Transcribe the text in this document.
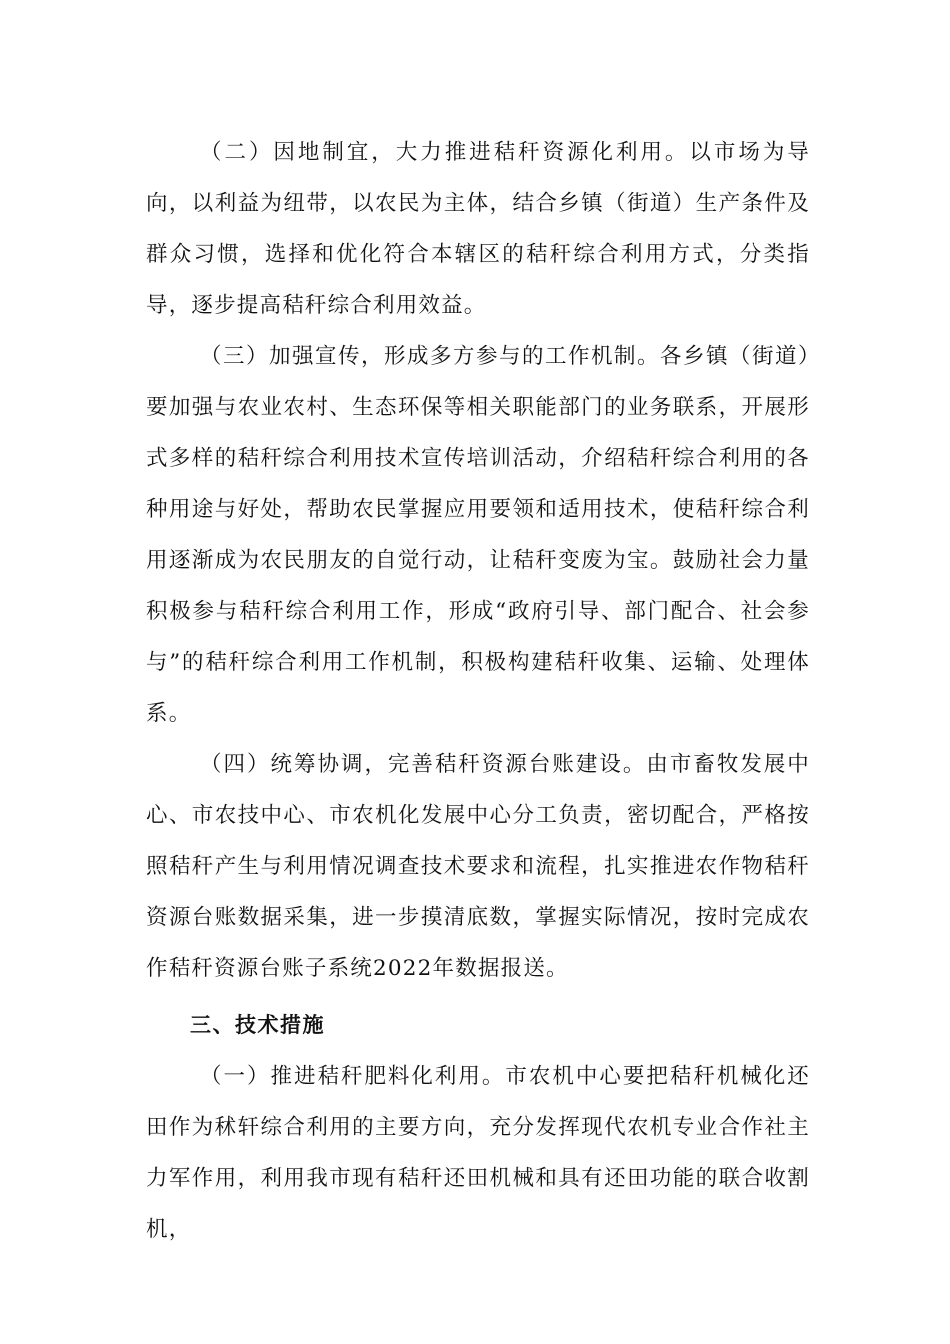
（二）因地制宜，大力推进秸秆资源化利用。以市场为导向，以利益为纽带，以农民为主体，结合乡镇（街道）生产条件及群众习惯，选择和优化符合本辖区的秸秆综合利用方式，分类指导，逐步提高秸秆综合利用效益。

（三）加强宣传，形成多方参与的工作机制。各乡镇（街道）要加强与农业农村、生态环保等相关职能部门的业务联系，开展形式多样的秸秆综合利用技术宣传培训活动，介绍秸秆综合利用的各种用途与好处，帮助农民掌握应用要领和适用技术，使秸秆综合利用逐渐成为农民朋友的自觉行动，让秸秆变废为宝。鼓励社会力量积极参与秸秆综合利用工作，形成“政府引导、部门配合、社会参与”的秸秆综合利用工作机制，积极构建秸秆收集、运输、处理体系。

（四）统筹协调，完善秸秆资源台账建设。由市畜牧发展中心、市农技中心、市农机化发展中心分工负责，密切配合，严格按照秸秆产生与利用情况调查技术要求和流程，扎实推进农作物秸秆资源台账数据采集，进一步摸清底数，掌握实际情况，按时完成农作秸秆资源台账子系统2022年数据报送。

三、技术措施

（一）推进秸秆肥料化利用。市农机中心要把秸秆机械化还田作为秫轩综合利用的主要方向，充分发挥现代农机专业合作社主力军作用，利用我市现有秸秆还田机械和具有还田功能的联合收割机，
